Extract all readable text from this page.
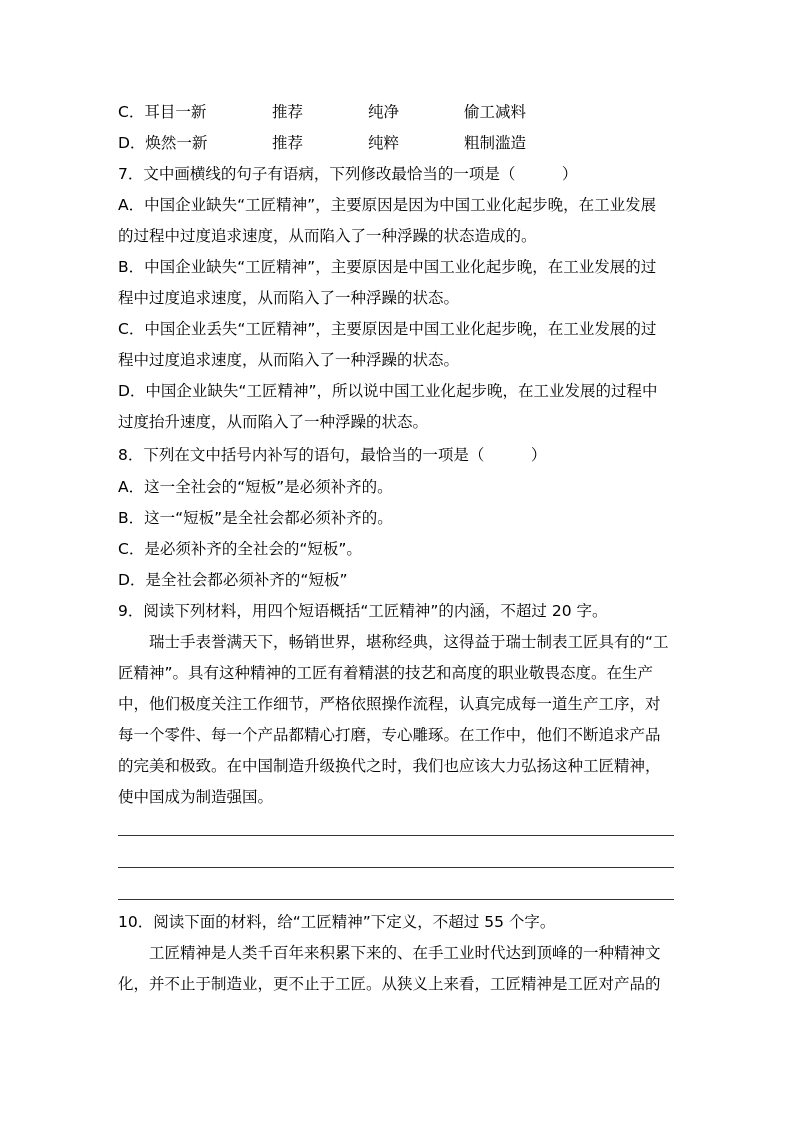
C．耳目一新	推荐	纯净	偷工减料
D．焕然一新	推荐	纯粹	粗制滥造
7．文中画横线的句子有语病，下列修改最恰当的一项是（　　　）
A．中国企业缺失“工匠精神”，主要原因是因为中国工业化起步晚，在工业发展
的过程中过度追求速度，从而陷入了一种浮躁的状态造成的。
B．中国企业缺失“工匠精神”，主要原因是中国工业化起步晚，在工业发展的过
程中过度追求速度，从而陷入了一种浮躁的状态。
C．中国企业丢失“工匠精神”，主要原因是中国工业化起步晚，在工业发展的过
程中过度追求速度，从而陷入了一种浮躁的状态。
D．中国企业缺失“工匠精神”，所以说中国工业化起步晚，在工业发展的过程中
过度抬升速度，从而陷入了一种浮躁的状态。
8．下列在文中括号内补写的语句，最恰当的一项是（　　　）
A．这一全社会的“短板”是必须补齐的。
B．这一“短板”是全社会都必须补齐的。
C．是必须补齐的全社会的“短板”。
D．是全社会都必须补齐的“短板”
9．阅读下列材料，用四个短语概括“工匠精神”的内涵，不超过 20 字。
　　瑞士手表誉满天下，畅销世界，堪称经典，这得益于瑞士制表工匠具有的“工
匠精神”。具有这种精神的工匠有着精湛的技艺和高度的职业敬畏态度。在生产
中，他们极度关注工作细节，严格依照操作流程，认真完成每一道生产工序，对
每一个零件、每一个产品都精心打磨，专心雕琢。在工作中，他们不断追求产品
的完美和极致。在中国制造升级换代之时，我们也应该大力弘扬这种工匠精神，
使中国成为制造强国。
10．阅读下面的材料，给“工匠精神”下定义，不超过 55 个字。
　　工匠精神是人类千百年来积累下来的、在手工业时代达到顶峰的一种精神文
化，并不止于制造业，更不止于工匠。从狭义上来看，工匠精神是工匠对产品的
